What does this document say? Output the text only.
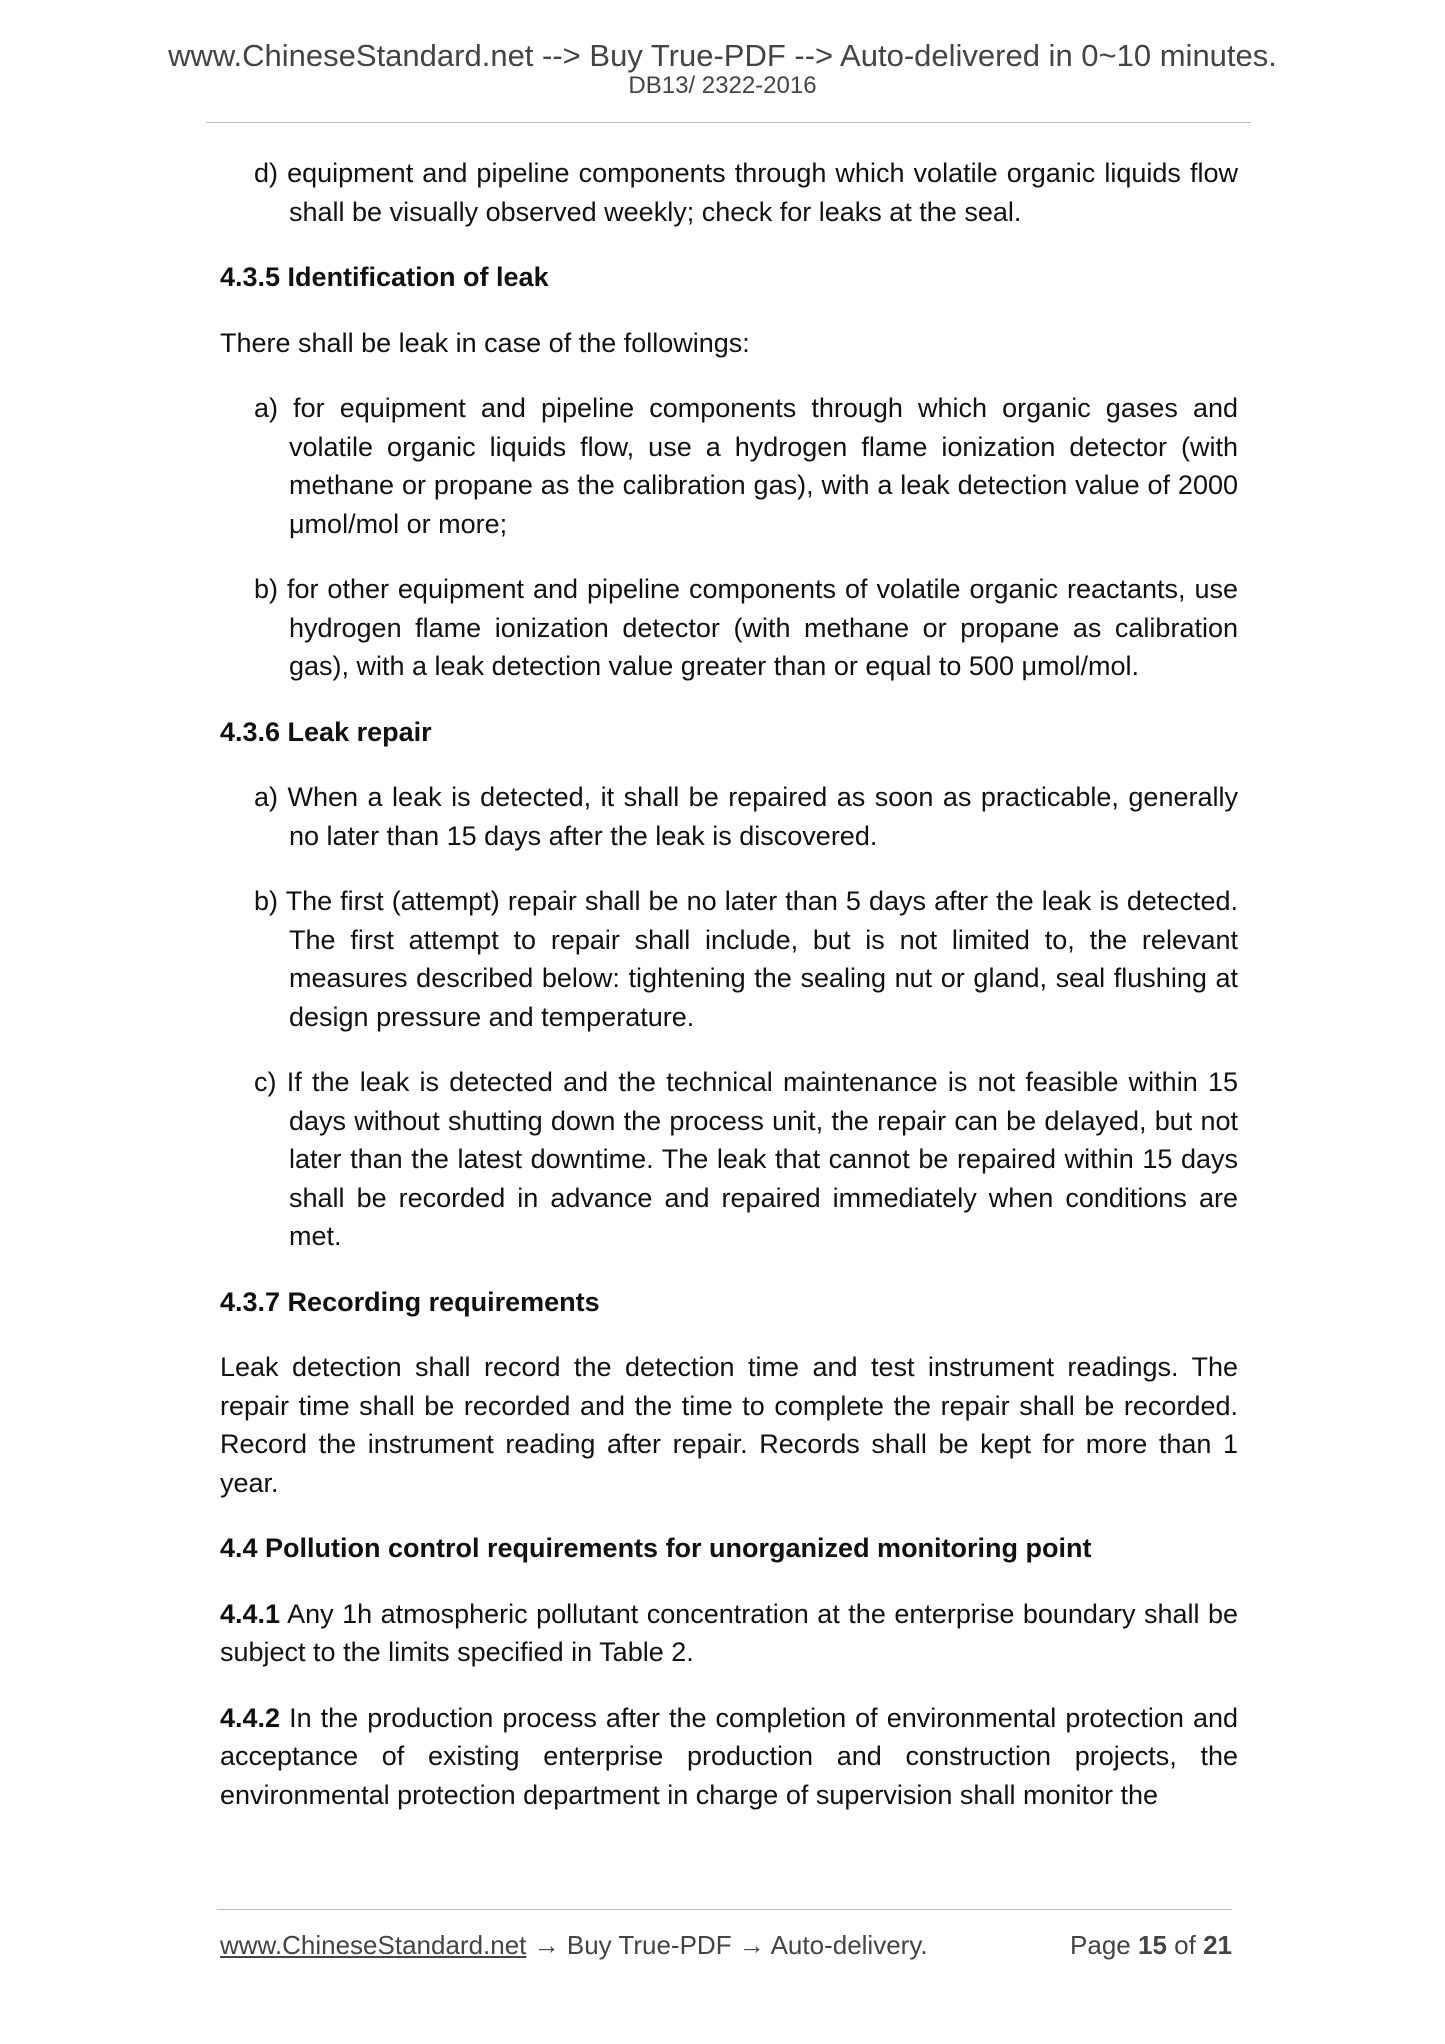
www.ChineseStandard.net --> Buy True-PDF --> Auto-delivered in 0~10 minutes.

DB13/ 2322-2016

d) equipment and pipeline components through which volatile organic liquids flow shall be visually observed weekly; check for leaks at the seal.

4.3.5 Identification of leak

There shall be leak in case of the followings:

a) for equipment and pipeline components through which organic gases and volatile organic liquids flow, use a hydrogen flame ionization detector (with methane or propane as the calibration gas), with a leak detection value of 2000 μmol/mol or more;

b) for other equipment and pipeline components of volatile organic reactants, use hydrogen flame ionization detector (with methane or propane as calibration gas), with a leak detection value greater than or equal to 500 μmol/mol.

4.3.6 Leak repair

a) When a leak is detected, it shall be repaired as soon as practicable, generally no later than 15 days after the leak is discovered.

b) The first (attempt) repair shall be no later than 5 days after the leak is detected. The first attempt to repair shall include, but is not limited to, the relevant measures described below: tightening the sealing nut or gland, seal flushing at design pressure and temperature.

c) If the leak is detected and the technical maintenance is not feasible within 15 days without shutting down the process unit, the repair can be delayed, but not later than the latest downtime. The leak that cannot be repaired within 15 days shall be recorded in advance and repaired immediately when conditions are met.

4.3.7 Recording requirements

Leak detection shall record the detection time and test instrument readings. The repair time shall be recorded and the time to complete the repair shall be recorded. Record the instrument reading after repair. Records shall be kept for more than 1 year.

4.4 Pollution control requirements for unorganized monitoring point

4.4.1 Any 1h atmospheric pollutant concentration at the enterprise boundary shall be subject to the limits specified in Table 2.

4.4.2 In the production process after the completion of environmental protection and acceptance of existing enterprise production and construction projects, the environmental protection department in charge of supervision shall monitor the

www.ChineseStandard.net → Buy True-PDF → Auto-delivery.	Page 15 of 21
